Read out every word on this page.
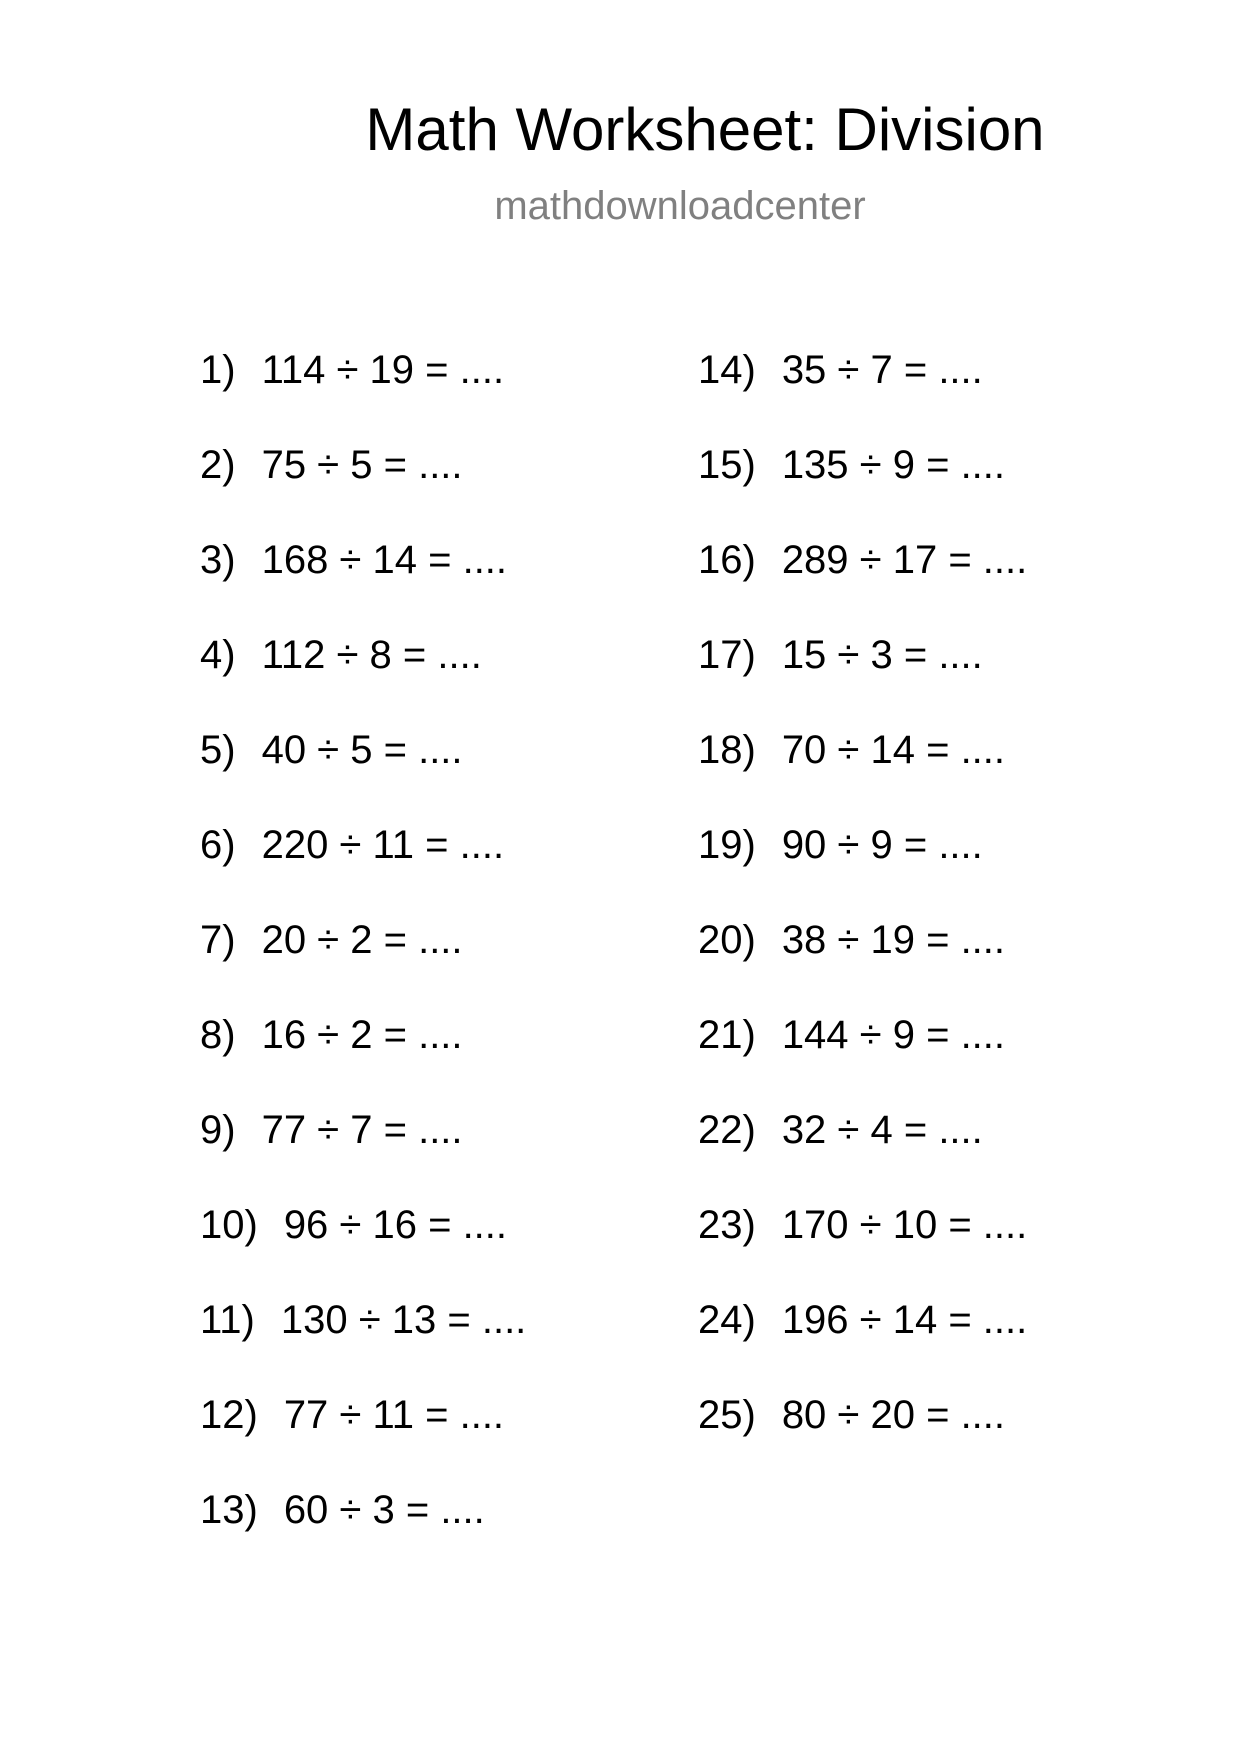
Math Worksheet: Division
mathdownloadcenter
1) 114 ÷ 19 = ....
2) 75 ÷ 5 = ....
3) 168 ÷ 14 = ....
4) 112 ÷ 8 = ....
5) 40 ÷ 5 = ....
6) 220 ÷ 11 = ....
7) 20 ÷ 2 = ....
8) 16 ÷ 2 = ....
9) 77 ÷ 7 = ....
10) 96 ÷ 16 = ....
11) 130 ÷ 13 = ....
12) 77 ÷ 11 = ....
13) 60 ÷ 3 = ....
14) 35 ÷ 7 = ....
15) 135 ÷ 9 = ....
16) 289 ÷ 17 = ....
17) 15 ÷ 3 = ....
18) 70 ÷ 14 = ....
19) 90 ÷ 9 = ....
20) 38 ÷ 19 = ....
21) 144 ÷ 9 = ....
22) 32 ÷ 4 = ....
23) 170 ÷ 10 = ....
24) 196 ÷ 14 = ....
25) 80 ÷ 20 = ....
